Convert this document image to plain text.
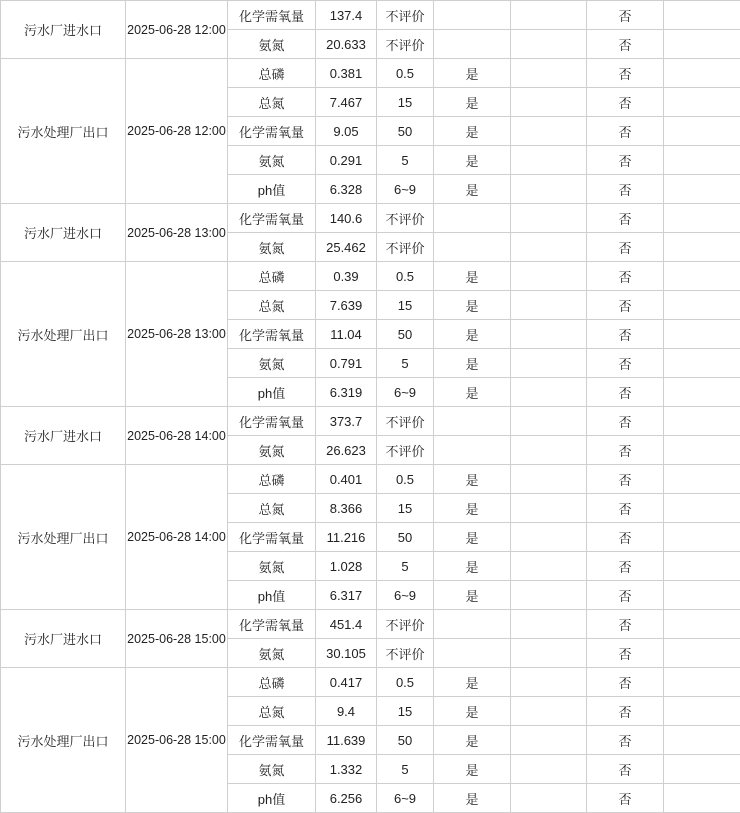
污水厂进水口	2025-06-28 12:00	化学需氧量	137.4	不评价			否	
		氨氮	20.633	不评价			否	
污水处理厂出口	2025-06-28 12:00	总磷	0.381	0.5	是		否	
		总氮	7.467	15	是		否	
		化学需氧量	9.05	50	是		否	
		氨氮	0.291	5	是		否	
		ph值	6.328	6~9	是		否	
污水厂进水口	2025-06-28 13:00	化学需氧量	140.6	不评价			否	
		氨氮	25.462	不评价			否	
污水处理厂出口	2025-06-28 13:00	总磷	0.39	0.5	是		否	
		总氮	7.639	15	是		否	
		化学需氧量	11.04	50	是		否	
		氨氮	0.791	5	是		否	
		ph值	6.319	6~9	是		否	
污水厂进水口	2025-06-28 14:00	化学需氧量	373.7	不评价			否	
		氨氮	26.623	不评价			否	
污水处理厂出口	2025-06-28 14:00	总磷	0.401	0.5	是		否	
		总氮	8.366	15	是		否	
		化学需氧量	11.216	50	是		否	
		氨氮	1.028	5	是		否	
		ph值	6.317	6~9	是		否	
污水厂进水口	2025-06-28 15:00	化学需氧量	451.4	不评价			否	
		氨氮	30.105	不评价			否	
污水处理厂出口	2025-06-28 15:00	总磷	0.417	0.5	是		否	
		总氮	9.4	15	是		否	
		化学需氧量	11.639	50	是		否	
		氨氮	1.332	5	是		否	
		ph值	6.256	6~9	是		否	
